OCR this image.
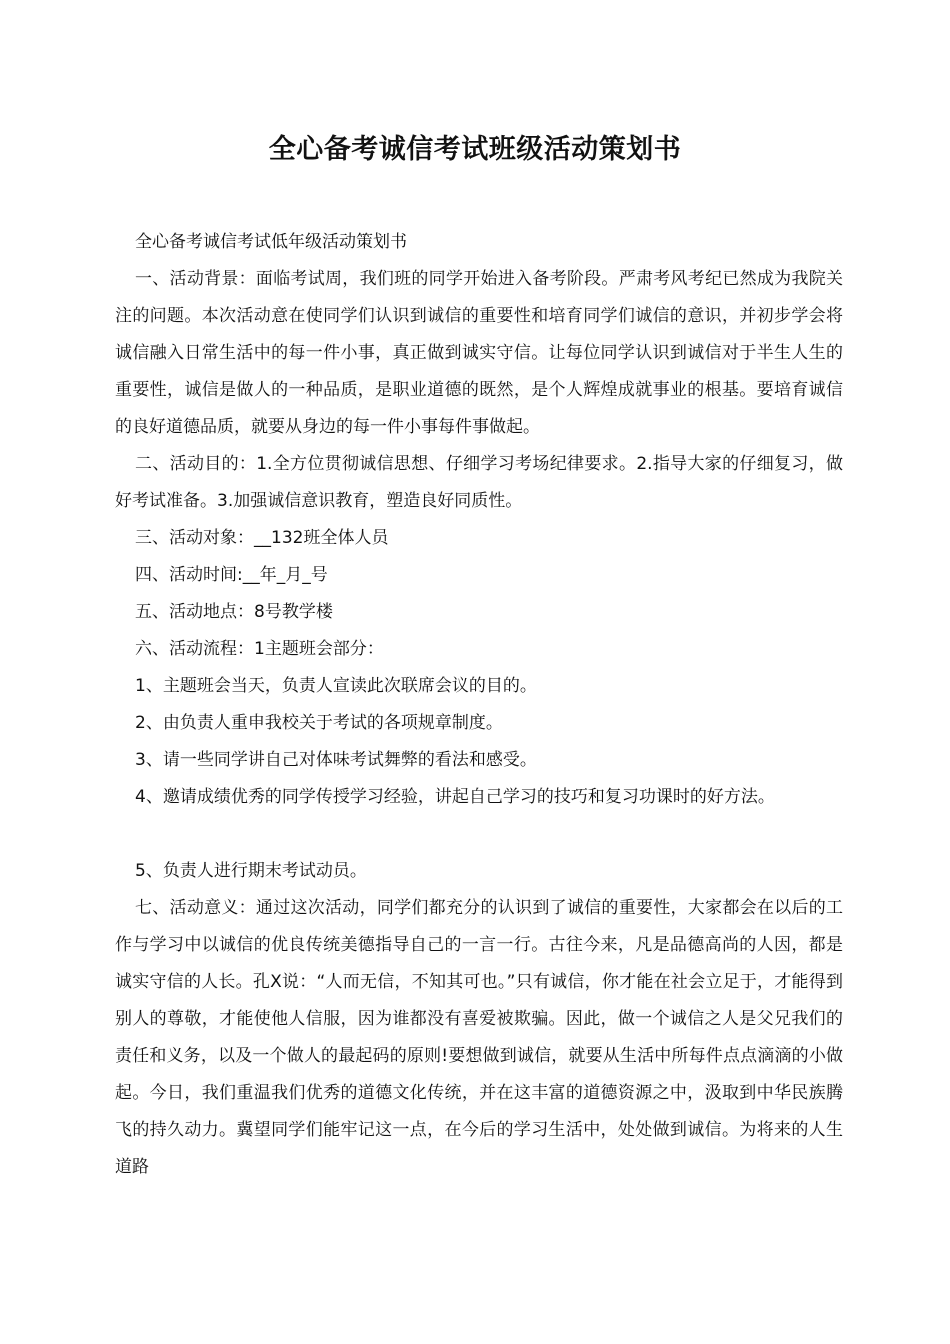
全心备考诚信考试班级活动策划书

全心备考诚信考试低年级活动策划书

一、活动背景：面临考试周，我们班的同学开始进入备考阶段。严肃考风考纪已然成为我院关注的问题。本次活动意在使同学们认识到诚信的重要性和培育同学们诚信的意识，并初步学会将诚信融入日常生活中的每一件小事，真正做到诚实守信。让每位同学认识到诚信对于半生人生的重要性，诚信是做人的一种品质，是职业道德的既然，是个人辉煌成就事业的根基。要培育诚信的良好道德品质，就要从身边的每一件小事每件事做起。

二、活动目的：1.全方位贯彻诚信思想、仔细学习考场纪律要求。2.指导大家的仔细复习，做好考试准备。3.加强诚信意识教育，塑造良好同质性。

三、活动对象：__132班全体人员

四、活动时间:__年_月_号

五、活动地点：8号教学楼

六、活动流程：1主题班会部分：

1、主题班会当天，负责人宣读此次联席会议的目的。

2、由负责人重申我校关于考试的各项规章制度。

3、请一些同学讲自己对体味考试舞弊的看法和感受。

4、邀请成绩优秀的同学传授学习经验，讲起自己学习的技巧和复习功课时的好方法。

5、负责人进行期末考试动员。

七、活动意义：通过这次活动，同学们都充分的认识到了诚信的重要性，大家都会在以后的工作与学习中以诚信的优良传统美德指导自己的一言一行。古往今来，凡是品德高尚的人因，都是诚实守信的人长。孔X说：“人而无信，不知其可也。”只有诚信，你才能在社会立足于，才能得到别人的尊敬，才能使他人信服，因为谁都没有喜爱被欺骗。因此，做一个诚信之人是父兄我们的责任和义务，以及一个做人的最起码的原则!要想做到诚信，就要从生活中所每件点点滴滴的小做起。今日，我们重温我们优秀的道德文化传统，并在这丰富的道德资源之中，汲取到中华民族腾飞的持久动力。冀望同学们能牢记这一点，在今后的学习生活中，处处做到诚信。为将来的人生道路
